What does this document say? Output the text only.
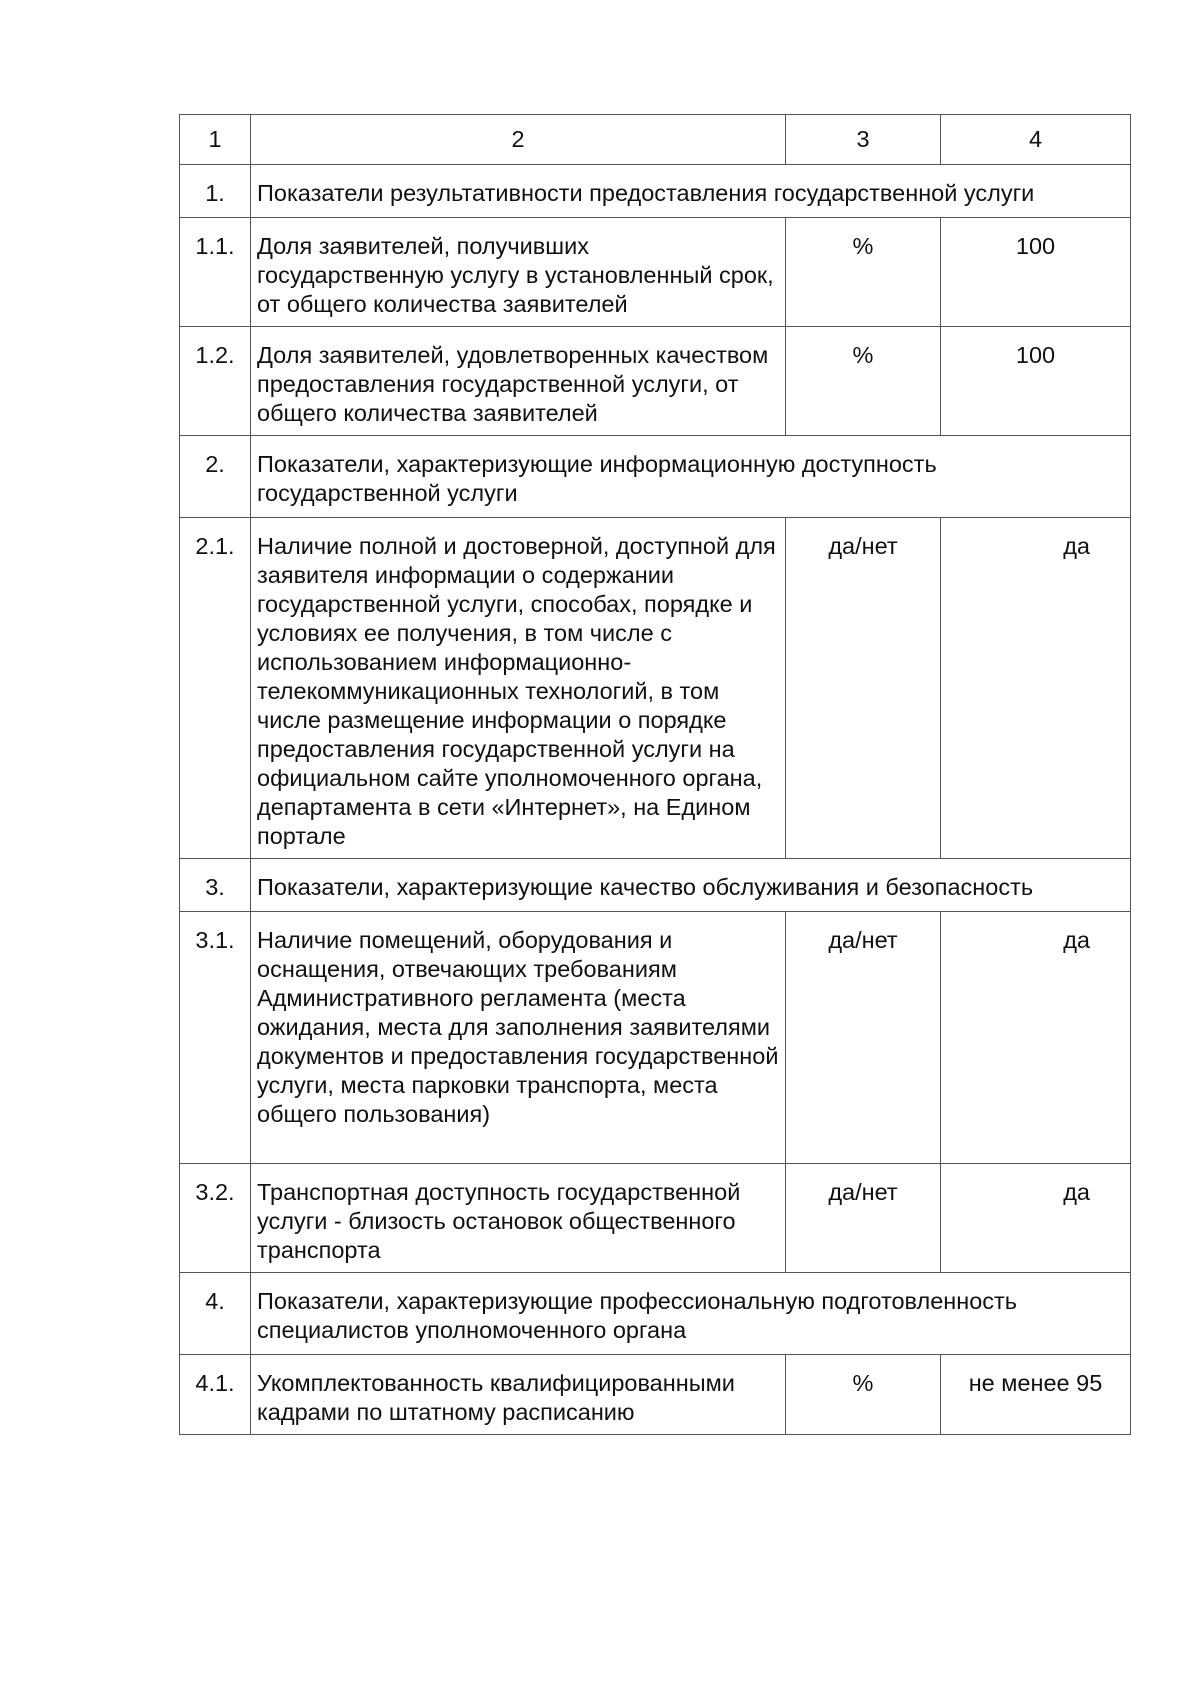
1	2	3	4
1.	Показатели результативности предоставления государственной услуги		
1.1.	Доля заявителей, получивших государственную услугу в установленный срок, от общего количества заявителей	%	100
1.2.	Доля заявителей, удовлетворенных качеством предоставления государственной услуги, от общего количества заявителей	%	100
2.	Показатели, характеризующие информационную доступность государственной услуги		
2.1.	Наличие полной и достоверной, доступной для заявителя информации о содержании государственной услуги, способах, порядке и условиях ее получения, в том числе с использованием информационно-телекоммуникационных технологий, в том числе размещение информации о порядке предоставления государственной услуги на официальном сайте уполномоченного органа, департамента в сети «Интернет», на Едином портале	да/нет	да
3.	Показатели, характеризующие качество обслуживания и безопасность		
3.1.	Наличие помещений, оборудования и оснащения, отвечающих требованиям Административного регламента (места ожидания, места для заполнения заявителями документов и предоставления государственной услуги, места парковки транспорта, места общего пользования)	да/нет	да
3.2.	Транспортная доступность государственной услуги - близость остановок общественного транспорта	да/нет	да
4.	Показатели, характеризующие профессиональную подготовленность специалистов уполномоченного органа		
4.1.	Укомплектованность квалифицированными кадрами по штатному расписанию	%	не менее 95
